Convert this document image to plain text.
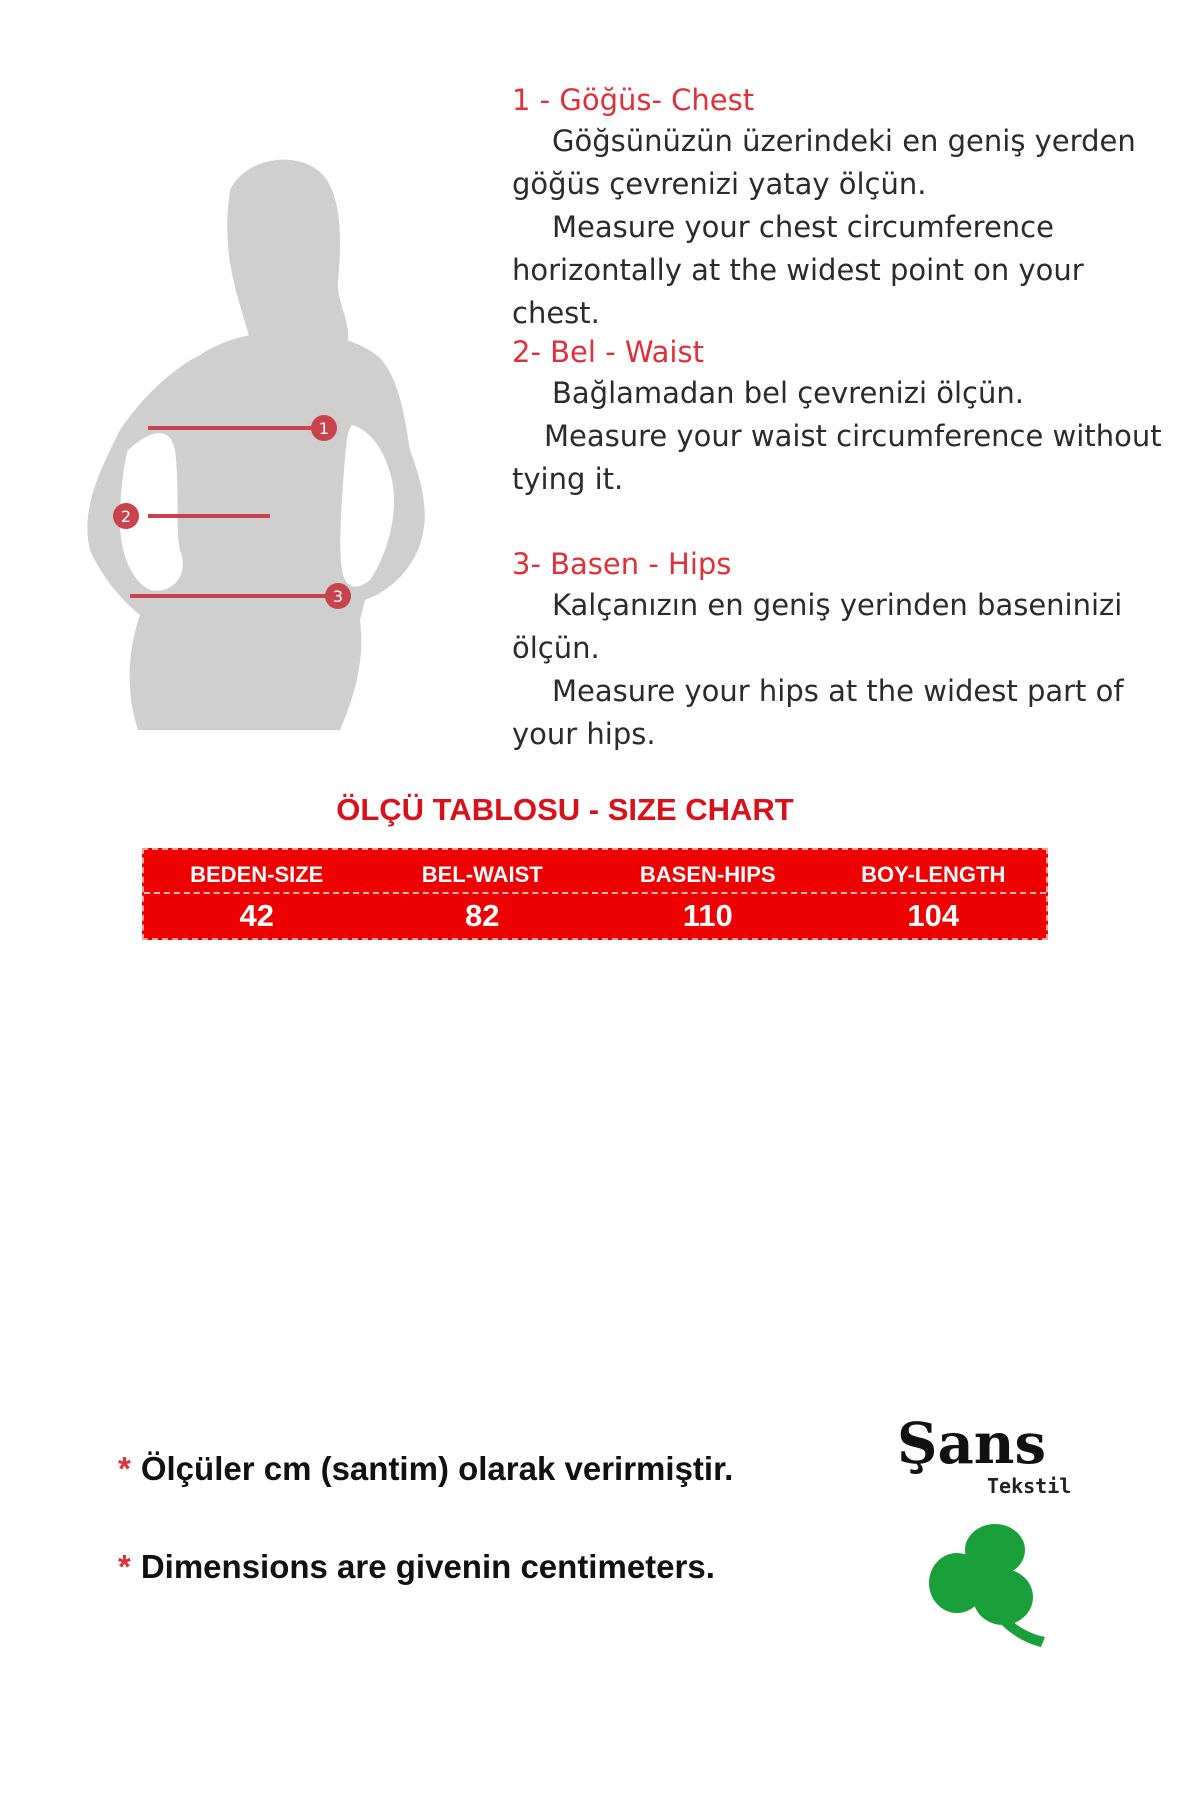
1
2
3
1 - Göğüs- Chest

Göğsünüzün üzerindeki en geniş yerden

göğüs çevrenizi yatay ölçün.

Measure your chest circumference

horizontally at the widest point on your chest.

2- Bel - Waist

Bağlamadan bel çevrenizi ölçün.

Measure your waist circumference without

tying it.

3- Basen - Hips

Kalçanızın en geniş yerinden baseninizi

ölçün.

Measure your hips at the widest part of

your hips.

ÖLÇÜ TABLOSU - SIZE CHART
BEDEN-SIZE	BEL-WAIST	BASEN-HIPS	BOY-LENGTH
42	82	110	104
* Ölçüler cm (santim) olarak verirmiştir.
* Dimensions are givenin centimeters.
Şans
Tekstil
